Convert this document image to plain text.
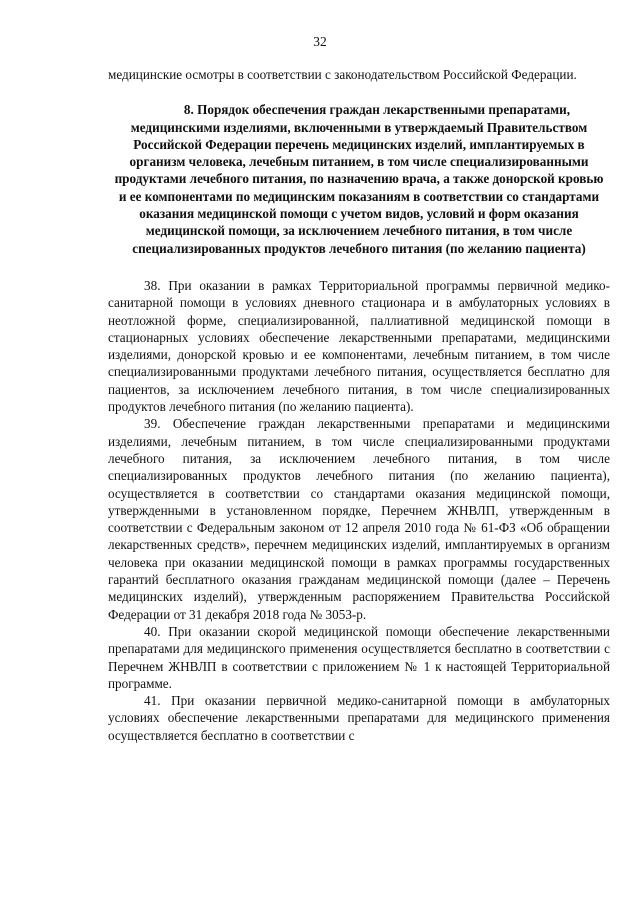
32

медицинские осмотры в соответствии с законодательством Российской Федерации.

8. Порядок обеспечения граждан лекарственными препаратами,
медицинскими изделиями, включенными в утверждаемый Правительством Российской Федерации перечень медицинских изделий, имплантируемых в организм человека, лечебным питанием, в том числе специализированными продуктами лечебного питания, по назначению врача, а также донорской кровью и ее компонентами по медицинским показаниям в соответствии со стандартами оказания медицинской помощи с учетом видов, условий и форм оказания медицинской помощи, за исключением лечебного питания, в том числе специализированных продуктов лечебного питания (по желанию пациента)

38. При оказании в рамках Территориальной программы первичной медико-санитарной помощи в условиях дневного стационара и в амбулаторных условиях в неотложной форме, специализированной, паллиативной медицинской помощи в стационарных условиях обеспечение лекарственными препаратами, медицинскими изделиями, донорской кровью и ее компонентами, лечебным питанием, в том числе специализированными продуктами лечебного питания, осуществляется бесплатно для пациентов, за исключением лечебного питания, в том числе специализированных продуктов лечебного питания (по желанию пациента).

39. Обеспечение граждан лекарственными препаратами и медицинскими изделиями, лечебным питанием, в том числе специализированными продуктами лечебного питания, за исключением лечебного питания, в том числе специализированных продуктов лечебного питания (по желанию пациента), осуществляется в соответствии со стандартами оказания медицинской помощи, утвержденными в установленном порядке, Перечнем ЖНВЛП, утвержденным в соответствии с Федеральным законом от 12 апреля 2010 года № 61-ФЗ «Об обращении лекарственных средств», перечнем медицинских изделий, имплантируемых в организм человека при оказании медицинской помощи в рамках программы государственных гарантий бесплатного оказания гражданам медицинской помощи (далее – Перечень медицинских изделий), утвержденным распоряжением Правительства Российской Федерации от 31 декабря 2018 года № 3053-р.

40. При оказании скорой медицинской помощи обеспечение лекарственными препаратами для медицинского применения осуществляется бесплатно в соответствии с Перечнем ЖНВЛП в соответствии с приложением № 1 к настоящей Территориальной программе.

41. При оказании первичной медико-санитарной помощи в амбулаторных условиях обеспечение лекарственными препаратами для медицинского применения осуществляется бесплатно в соответствии с
